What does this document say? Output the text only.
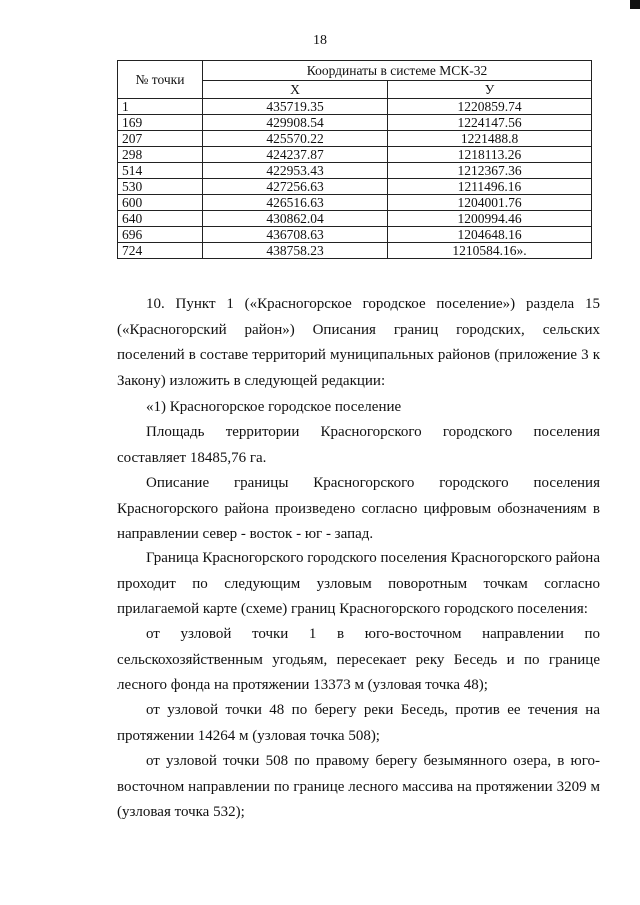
18
№ точки	Координаты в системе МСК-32	
	Х	У
1	435719.35	1220859.74
169	429908.54	1224147.56
207	425570.22	1221488.8
298	424237.87	1218113.26
514	422953.43	1212367.36
530	427256.63	1211496.16
600	426516.63	1204001.76
640	430862.04	1200994.46
696	436708.63	1204648.16
724	438758.23	1210584.16».

10. Пункт 1 («Красногорское городское поселение») раздела 15 («Красногорский район») Описания границ городских, сельских поселений в составе территорий муниципальных районов (приложение 3 к Закону) изложить в следующей редакции:

«1) Красногорское городское поселение

Площадь территории Красногорского городского поселения составляет 18485,76 га.

Описание границы Красногорского городского поселения Красногорского района произведено согласно цифровым обозначениям в направлении север - восток - юг - запад.

Граница Красногорского городского поселения Красногорского района проходит по следующим узловым поворотным точкам согласно прилагаемой карте (схеме) границ Красногорского городского поселения:

от узловой точки 1 в юго-восточном направлении по сельскохозяйственным угодьям, пересекает реку Беседь и по границе лесного фонда на протяжении 13373 м (узловая точка 48);

от узловой точки 48 по берегу реки Беседь, против ее течения на протяжении 14264 м (узловая точка 508);

от узловой точки 508 по правому берегу безымянного озера, в юго-восточном направлении по границе лесного массива на протяжении 3209 м (узловая точка 532);
